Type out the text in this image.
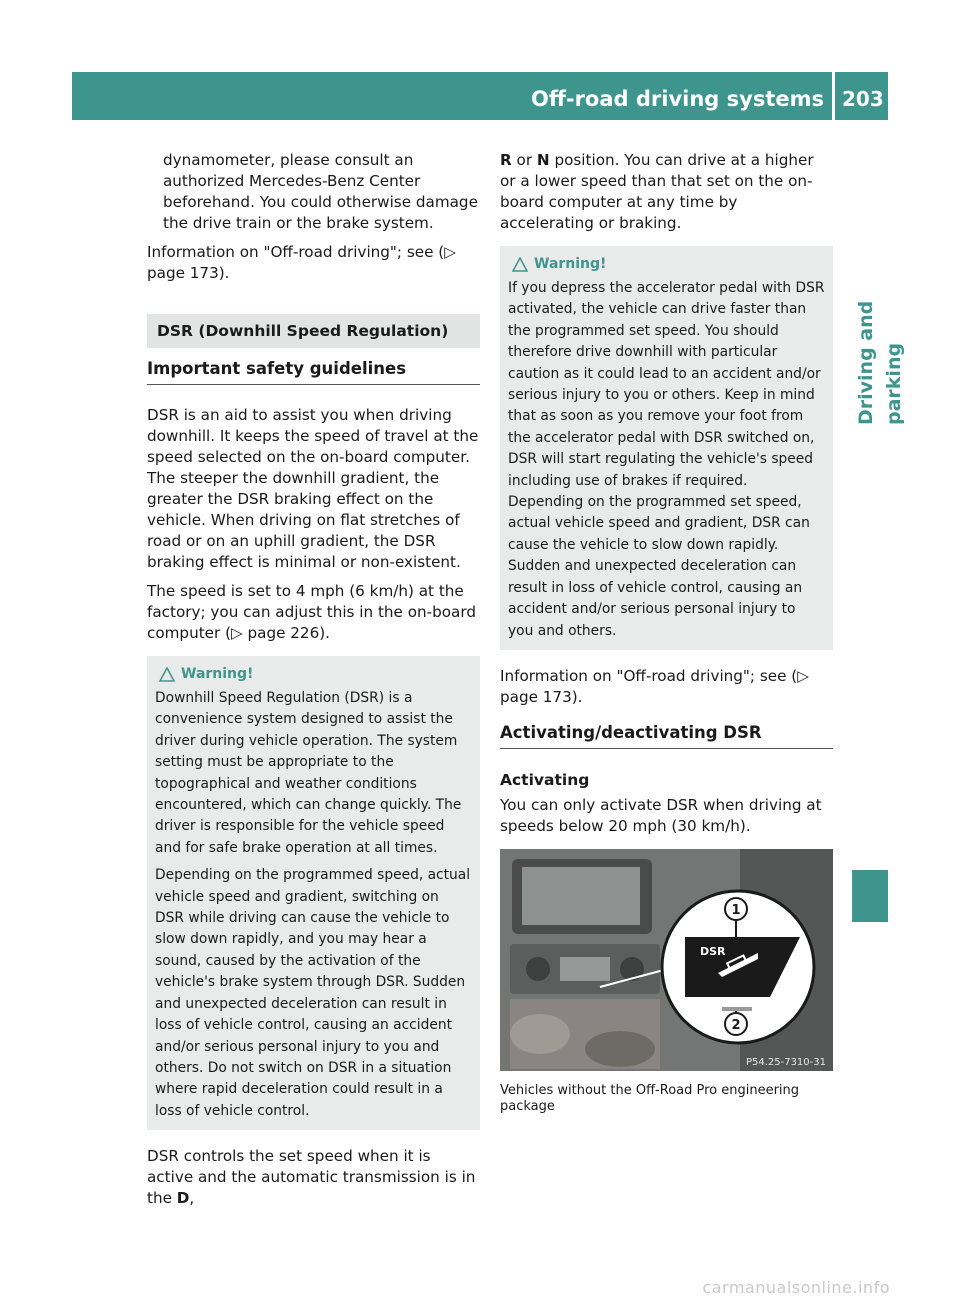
Off-road driving systems 203
Driving and parking

dynamometer, please consult an authorized Mercedes-Benz Center beforehand. You could otherwise damage the drive train or the brake system.

Information on "Off-road driving"; see (▷ page 173).

DSR (Downhill Speed Regulation)
Important safety guidelines

DSR is an aid to assist you when driving downhill. It keeps the speed of travel at the speed selected on the on-board computer. The steeper the downhill gradient, the greater the DSR braking effect on the vehicle. When driving on flat stretches of road or on an uphill gradient, the DSR braking effect is minimal or non-existent.

The speed is set to 4 mph (6 km/h) at the factory; you can adjust this in the on-board computer (▷ page 226).

Warning!

Downhill Speed Regulation (DSR) is a convenience system designed to assist the driver during vehicle operation. The system setting must be appropriate to the topographical and weather conditions encountered, which can change quickly. The driver is responsible for the vehicle speed and for safe brake operation at all times.

Depending on the programmed speed, actual vehicle speed and gradient, switching on DSR while driving can cause the vehicle to slow down rapidly, and you may hear a sound, caused by the activation of the vehicle's brake system through DSR. Sudden and unexpected deceleration can result in loss of vehicle control, causing an accident and/or serious personal injury to you and others. Do not switch on DSR in a situation where rapid deceleration could result in a loss of vehicle control.

DSR controls the set speed when it is active and the automatic transmission is in the D,

R or N position. You can drive at a higher or a lower speed than that set on the on-board computer at any time by accelerating or braking.

Warning!

If you depress the accelerator pedal with DSR activated, the vehicle can drive faster than the programmed set speed. You should therefore drive downhill with particular caution as it could lead to an accident and/or serious injury to you or others. Keep in mind that as soon as you remove your foot from the accelerator pedal with DSR switched on, DSR will start regulating the vehicle's speed including use of brakes if required. Depending on the programmed set speed, actual vehicle speed and gradient, DSR can cause the vehicle to slow down rapidly. Sudden and unexpected deceleration can result in loss of vehicle control, causing an accident and/or serious personal injury to you and others.

Information on "Off-road driving"; see (▷ page 173).

Activating/deactivating DSR
Activating

You can only activate DSR when driving at speeds below 20 mph (30 km/h).

DSR
1
2
P54.25-7310-31

Vehicles without the Off-Road Pro engineering package

carmanualsonline.info
